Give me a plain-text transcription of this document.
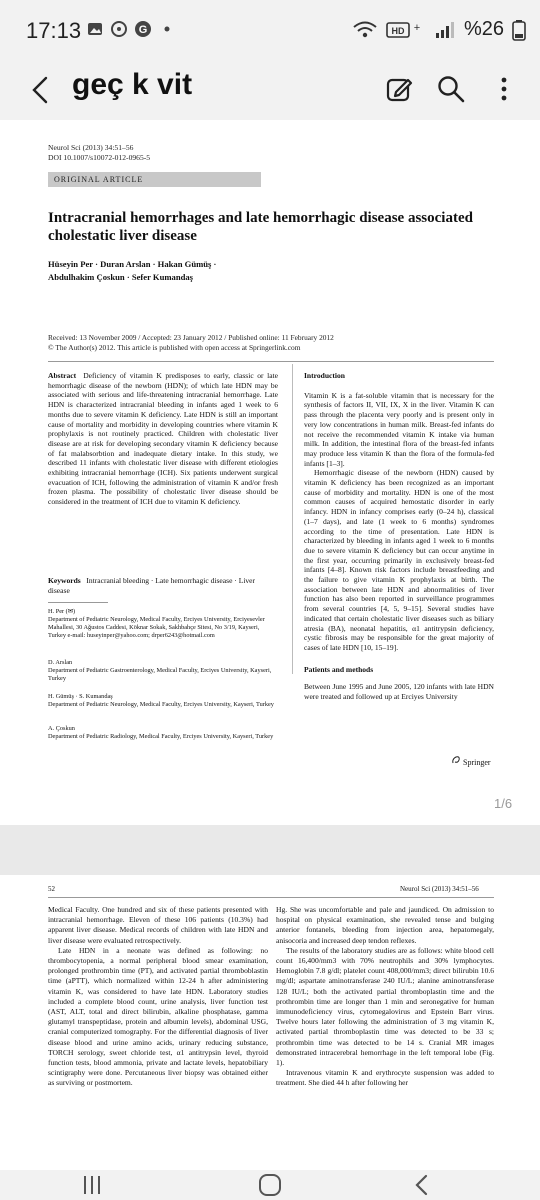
17:13	G	HD + %26
geç k vit
Neurol Sci (2013) 34:51–56
DOI 10.1007/s10072-012-0965-5
ORIGINAL ARTICLE
Intracranial hemorrhages and late hemorrhagic disease associated cholestatic liver disease
Hüseyin Per · Duran Arslan · Hakan Gümüş ·
Abdulhakim Çoskun · Sefer Kumandaş
Received: 13 November 2009 / Accepted: 23 January 2012 / Published online: 11 February 2012
© The Author(s) 2012. This article is published with open access at Springerlink.com

Abstract Deficiency of vitamin K predisposes to early, classic or late hemorrhagic disease of the newborn (HDN); of which late HDN may be associated with serious and life-threatening intracranial hemorrhage. Late HDN is characterized intracranial bleeding in infants aged 1 week to 6 months due to severe vitamin K deficiency. Late HDN is still an important cause of mortality and morbidity in developing countries where vitamin K prophylaxis is not routinely practiced. Children with cholestatic liver disease are at risk for developing secondary vitamin K deficiency because of fat malabsorbtion and inadequate dietary intake. In this study, we described 11 infants with cholestatic liver disease with different etiologies exhibiting intracranial hemorrhage (ICH). Six patients underwent surgical evacuation of ICH, following the administration of vitamin K and/or fresh frozen plasma. The possibility of cholestatic liver disease should be considered in the treatment of ICH due to vitamin K deficiency.

Keywords Intracranial bleeding · Late hemorrhagic disease · Liver disease
H. Per (✉)
Department of Pediatric Neurology, Medical Faculty, Erciyes University, Erciyesevler Mahallesi, 30 Ağustos Caddesi, Köknar Sokak, Sakhbahçe Sitesi, No 3/19, Kayseri, Turkey e-mail: huseyinper@yahoo.com; drper6243@hotmail.com
D. Arslan
Department of Pediatric Gastroenterology, Medical Faculty, Erciyes University, Kayseri, Turkey
H. Gümüş · S. Kumandaş
Department of Pediatric Neurology, Medical Faculty, Erciyes University, Kayseri, Turkey
A. Çoskun
Department of Pediatric Radiology, Medical Faculty, Erciyes University, Kayseri, Turkey

Introduction

Vitamin K is a fat-soluble vitamin that is necessary for the synthesis of factors II, VII, IX, X in the liver. Vitamin K can pass through the placenta very poorly and is present only in very low concentrations in human milk. Breast-fed infants do not receive the recommended vitamin K intake via human milk. In addition, the intestinal flora of the breast-fed infants may produce less vitamin K than the flora of the formula-fed infants [1–3].

Hemorrhagic disease of the newborn (HDN) caused by vitamin K deficiency has been recognized as an important cause of morbidity and mortality. HDN is one of the most common causes of acquired hemostatic disorder in early infancy. HDN in infancy comprises early (0–24 h), classical (1–7 days), and late (1 week to 6 months) syndromes according to the time of presentation. Late HDN is characterized by bleeding in infants aged 1 week to 6 months due to severe vitamin K deficiency but can occur anytime in the first year, occurring primarily in exclusively breast-fed infants [4–8]. Known risk factors include breastfeeding and the failure to give vitamin K prophylaxis at birth. The association between late HDN and abnormalities of liver function has also been reported in surveillance programmes from several countries [4, 5, 9–15]. Several studies have indicated that certain cholestatic liver diseases such as biliary atresia (BA), neonatal hepatitis, α1 antitrypsin deficiency, cystic fibrosis may be responsible for the great majority of cases of late HDN [10, 15–19].

Patients and methods

Between June 1995 and June 2005, 120 infants with late HDN were treated and followed up at Erciyes University

Springer
1/6
52	Neurol Sci (2013) 34:51–56

Medical Faculty. One hundred and six of these patients presented with intracranial hemorrhage. Eleven of these 106 patients (10.3%) had apparent liver disease. Medical records of children with late HDN and liver disease were evaluated retrospectively.

Late HDN in a neonate was defined as following: no thrombocytopenia, a normal peripheral blood smear examination, prolonged prothrombin time (PT), and activated partial thromboblastin time (aPTT), which normalized within 12-24 h after administering vitamin K, was considered to have late HDN. Laboratory studies included a complete blood count, urine analysis, liver function test (AST, ALT, total and direct bilirubin, alkaline phosphatase, gamma glutamyl transpeptidase, protein and albumin levels), abdominal USG, cranial computerized tomography. For the differential diagnosis of liver disease blood and urine amino acids, urinary reducing substance, TORCH serology, sweet chloride test, α1 antitrypsin level, thyroid function tests, blood ammonia, private and lactate levels, hepatobiliary scintigraphy were done. Percutaneous liver biopsy was obtained either as surviving or postmortem.

Hg. She was uncomfortable and pale and jaundiced. On admission to hospital on physical examination, she revealed tense and bulging anterior fontanels, bleeding from injection area, hepatomegaly, anisocoria and increased deep tendon reflexes.

The results of the laboratory studies are as follows: white blood cell count 16,400/mm3 with 70% neutrophils and 30% lymphocytes. Hemoglobin 7.8 g/dl; platelet count 408,000/mm3; direct bilirubin 10.6 mg/dl; aspartate aminotransferase 240 IU/L; alanine aminotransferase 128 IU/L; both the activated partial thromboplastin time and the prothrombin time are longer than 1 min and seronegative for human immunodeficiency virus, cytomegalovirus and Epstein Barr virus. Twelve hours later following the administration of 3 mg vitamin K, activated partial thromboplastin time was detected to be 33 s; prothrombin time was detected to be 14 s. Cranial MR images demonstrated intracerebral hemorrhage in the left temporal lobe (Fig. 1).

Intravenous vitamin K and erythrocyte suspension was added to treatment. She died 44 h after following her
